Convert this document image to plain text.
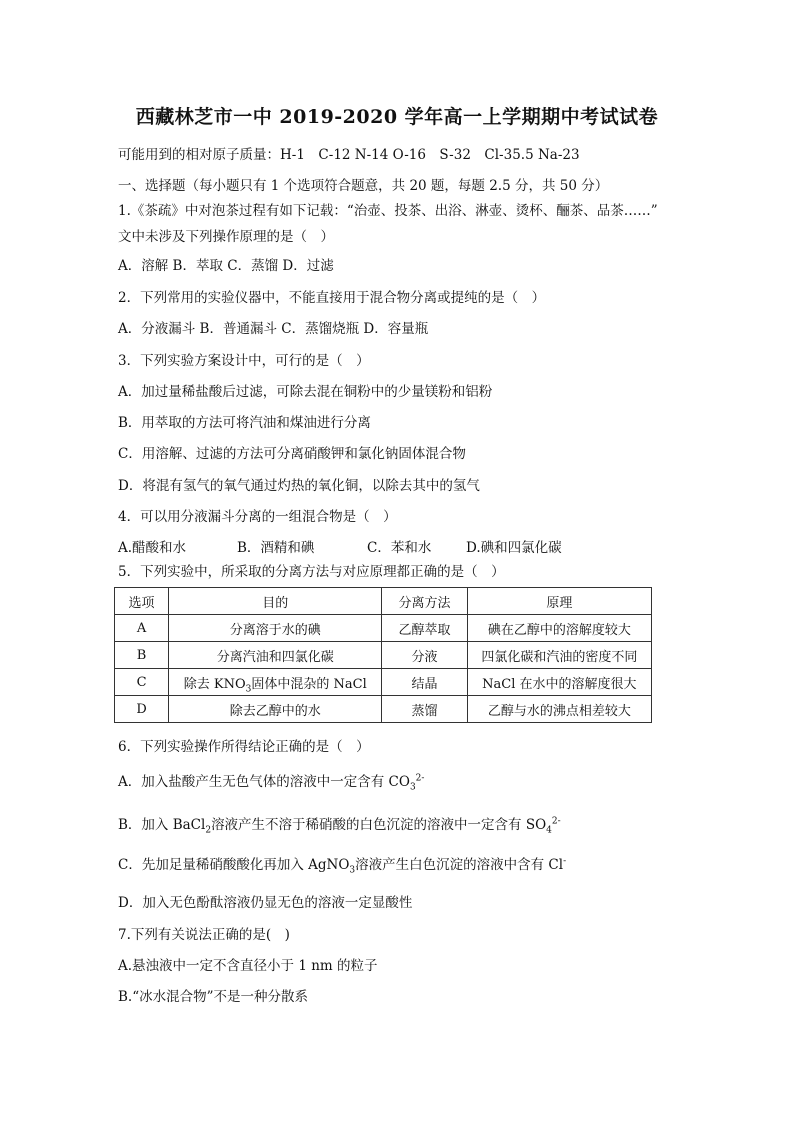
西藏林芝市一中 2019-2020 学年高一上学期期中考试试卷
可能用到的相对原子质量：H-1　C-12 N-14 O-16　S-32　Cl-35.5 Na-23
一、选择题（每小题只有 1 个选项符合题意，共 20 题，每题 2.5 分，共 50 分）
1.《茶疏》中对泡茶过程有如下记载：“治壶、投茶、出浴、淋壶、烫杯、酾茶、品茶……”
文中未涉及下列操作原理的是（　）
A．溶解 B．萃取 C．蒸馏 D．过滤
2．下列常用的实验仪器中，不能直接用于混合物分离或提纯的是（　）
A．分液漏斗 B．普通漏斗 C．蒸馏烧瓶 D．容量瓶
3．下列实验方案设计中，可行的是（　）
A．加过量稀盐酸后过滤，可除去混在铜粉中的少量镁粉和铝粉
B．用萃取的方法可将汽油和煤油进行分离
C．用溶解、过滤的方法可分离硝酸钾和氯化钠固体混合物
D．将混有氢气的氧气通过灼热的氧化铜，以除去其中的氢气
4．可以用分液漏斗分离的一组混合物是（　）
A.醋酸和水	B．酒精和碘	C．苯和水	D.碘和四氯化碳
5．下列实验中，所采取的分离方法与对应原理都正确的是（　）
选项	目的	分离方法	原理
A	分离溶于水的碘	乙醇萃取	碘在乙醇中的溶解度较大
B	分离汽油和四氯化碳	分液	四氯化碳和汽油的密度不同
C	除去 $KNO_3$固体中混杂的 NaCl	结晶	NaCl 在水中的溶解度很大
D	除去乙醇中的水	蒸馏	乙醇与水的沸点相差较大
6．下列实验操作所得结论正确的是（　）
A．加入盐酸产生无色气体的溶液中一定含有 $CO_3^{2-}$
B．加入 BaCl$_2$溶液产生不溶于稀硝酸的白色沉淀的溶液中一定含有 $SO_4^{2-}$
C．先加足量稀硝酸酸化再加入 AgNO$_3$溶液产生白色沉淀的溶液中含有 Cl-
D．加入无色酚酞溶液仍显无色的溶液一定显酸性
7.下列有关说法正确的是(　)
A.悬浊液中一定不含直径小于 1 nm 的粒子
B.“冰水混合物”不是一种分散系
